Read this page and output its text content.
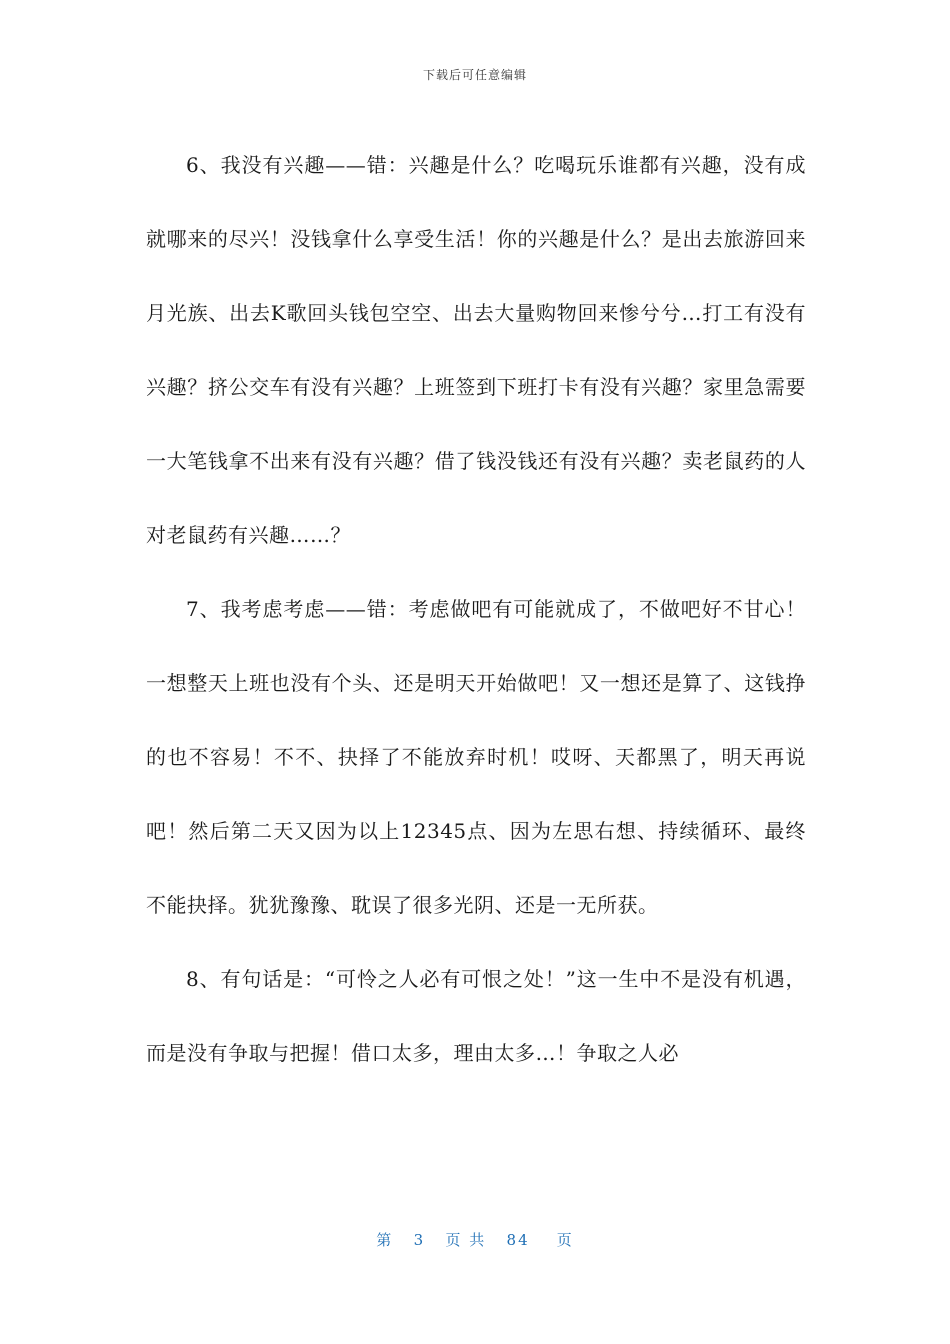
下载后可任意编辑

6、我没有兴趣——错：兴趣是什么？吃喝玩乐谁都有兴趣，没有成就哪来的尽兴！没钱拿什么享受生活！你的兴趣是什么？是出去旅游回来月光族、出去K歌回头钱包空空、出去大量购物回来惨兮兮…打工有没有兴趣？挤公交车有没有兴趣？上班签到下班打卡有没有兴趣？家里急需要一大笔钱拿不出来有没有兴趣？借了钱没钱还有没有兴趣？卖老鼠药的人对老鼠药有兴趣……？

7、我考虑考虑——错：考虑做吧有可能就成了，不做吧好不甘心！一想整天上班也没有个头、还是明天开始做吧！又一想还是算了、这钱挣的也不容易！不不、抉择了不能放弃时机！哎呀、天都黑了，明天再说吧！然后第二天又因为以上12345点、因为左思右想、持续循环、最终不能抉择。犹犹豫豫、耽误了很多光阴、还是一无所获。

8、有句话是：“可怜之人必有可恨之处！”这一生中不是没有机遇，而是没有争取与把握！借口太多，理由太多…！争取之人必

第 3 页 共 84 页
